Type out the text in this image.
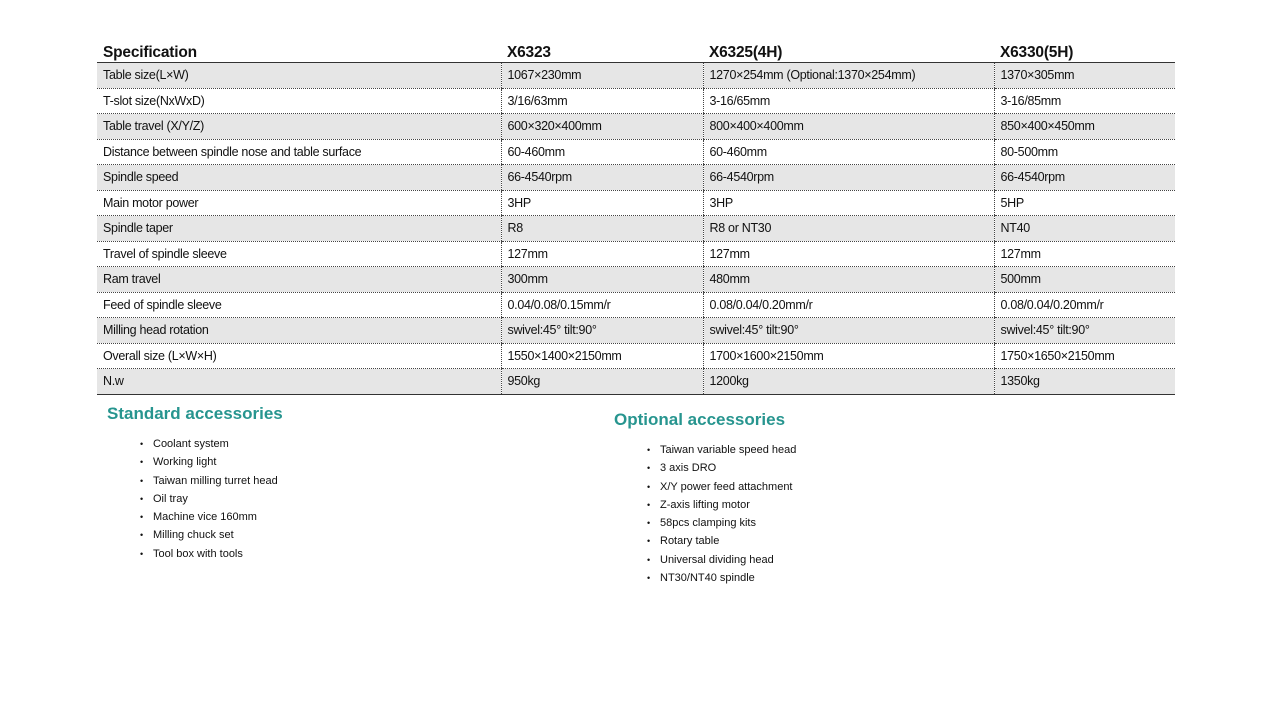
Specification	X6323	X6325(4H)	X6330(5H)
Table size(L×W)	1067×230mm	1270×254mm (Optional:1370×254mm)	1370×305mm
T-slot size(NxWxD)	3/16/63mm	3-16/65mm	3-16/85mm
Table travel (X/Y/Z)	600×320×400mm	800×400×400mm	850×400×450mm
Distance between spindle nose and table surface	60-460mm	60-460mm	80-500mm
Spindle speed	66-4540rpm	66-4540rpm	66-4540rpm
Main motor power	3HP	3HP	5HP
Spindle taper	R8	R8 or NT30	NT40
Travel of spindle sleeve	127mm	127mm	127mm
Ram travel	300mm	480mm	500mm
Feed of spindle sleeve	0.04/0.08/0.15mm/r	0.08/0.04/0.20mm/r	0.08/0.04/0.20mm/r
Milling head rotation	swivel:45° tilt:90°	swivel:45° tilt:90°	swivel:45° tilt:90°
Overall size (L×W×H)	1550×1400×2150mm	1700×1600×2150mm	1750×1650×2150mm
N.w	950kg	1200kg	1350kg
Standard accessories
• Coolant system
• Working light
• Taiwan milling turret head
• Oil tray
• Machine vice 160mm
• Milling chuck set
• Tool box with tools
Optional accessories
• Taiwan variable speed head
• 3 axis DRO
• X/Y power feed attachment
• Z-axis lifting motor
• 58pcs clamping kits
• Rotary table
• Universal dividing head
• NT30/NT40 spindle
